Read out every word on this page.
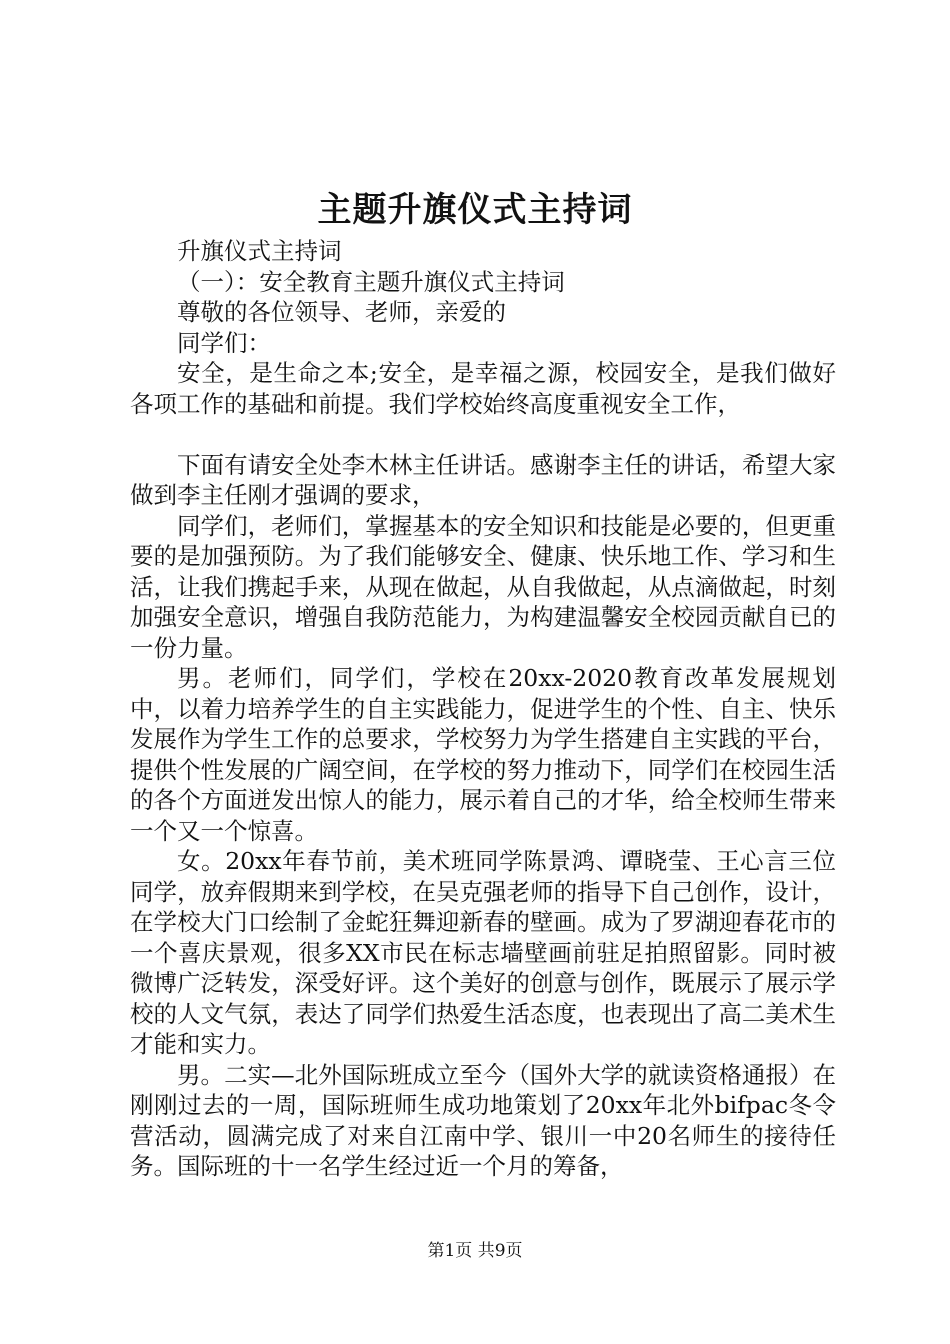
主题升旗仪式主持词

升旗仪式主持词

（一）：安全教育主题升旗仪式主持词

尊敬的各位领导、老师，亲爱的

同学们：

安全，是生命之本;安全，是幸福之源，校园安全，是我们做好各项工作的基础和前提。我们学校始终高度重视安全工作，

下面有请安全处李木林主任讲话。感谢李主任的讲话，希望大家做到李主任刚才强调的要求，

同学们，老师们，掌握基本的安全知识和技能是必要的，但更重要的是加强预防。为了我们能够安全、健康、快乐地工作、学习和生活，让我们携起手来，从现在做起，从自我做起，从点滴做起，时刻加强安全意识，增强自我防范能力，为构建温馨安全校园贡献自已的一份力量。

男。老师们，同学们，学校在20xx-2020教育改革发展规划中，以着力培养学生的自主实践能力，促进学生的个性、自主、快乐发展作为学生工作的总要求，学校努力为学生搭建自主实践的平台，提供个性发展的广阔空间，在学校的努力推动下，同学们在校园生活的各个方面迸发出惊人的能力，展示着自己的才华，给全校师生带来一个又一个惊喜。

女。20xx年春节前，美术班同学陈景鸿、谭晓莹、王心言三位同学，放弃假期来到学校，在吴克强老师的指导下自己创作，设计，在学校大门口绘制了金蛇狂舞迎新春的壁画。成为了罗湖迎春花市的一个喜庆景观，很多XX市民在标志墙壁画前驻足拍照留影。同时被微博广泛转发，深受好评。这个美好的创意与创作，既展示了展示学校的人文气氛，表达了同学们热爱生活态度，也表现出了高二美术生才能和实力。

男。二实—北外国际班成立至今（国外大学的就读资格通报）在刚刚过去的一周，国际班师生成功地策划了20xx年北外bifpac冬令营活动，圆满完成了对来自江南中学、银川一中20名师生的接待任务。国际班的十一名学生经过近一个月的筹备，

第1页 共9页
